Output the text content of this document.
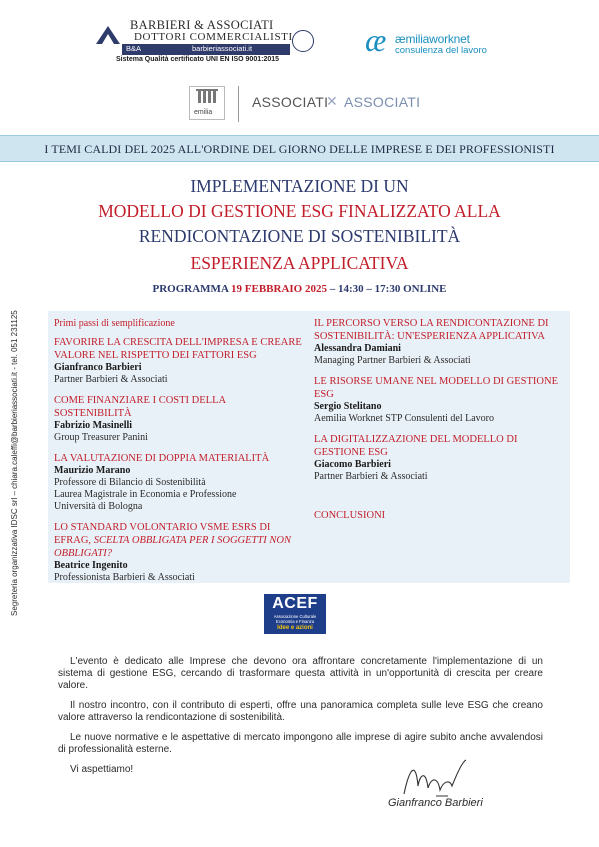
BARBIERI & ASSOCIATI
DOTTORI COMMERCIALISTI
B&A	barbieriassociati.it
Sistema Qualità certificato UNI EN ISO 9001:2015
æ æmiliaworknet
consulenza del lavoro
emilia
ASSOCIATI
✕ ASSOCIATI
I TEMI CALDI DEL 2025 ALL'ORDINE DEL GIORNO DELLE IMPRESE E DEI PROFESSIONISTI
IMPLEMENTAZIONE DI UN
MODELLO DI GESTIONE ESG FINALIZZATO ALLA
RENDICONTAZIONE DI SOSTENIBILITÀ
ESPERIENZA APPLICATIVA
PROGRAMMA 19 FEBBRAIO 2025 – 14:30 – 17:30 ONLINE
Primi passi di semplificazione
FAVORIRE LA CRESCITA DELL'IMPRESA E CREARE VALORE NEL RISPETTO DEI FATTORI ESG
Gianfranco Barbieri
Partner Barbieri & Associati
COME FINANZIARE I COSTI DELLA SOSTENIBILITÀ
Fabrizio Masinelli
Group Treasurer Panini
LA VALUTAZIONE DI DOPPIA MATERIALITÀ
Maurizio Marano
Professore di Bilancio di Sostenibilità
Laurea Magistrale in Economia e Professione
Università di Bologna
LO STANDARD VOLONTARIO VSME ESRS DI EFRAG, SCELTA OBBLIGATA PER I SOGGETTI NON OBBLIGATI?
Beatrice Ingenito
Professionista Barbieri & Associati
IL PERCORSO VERSO LA RENDICONTAZIONE DI SOSTENIBILITÀ: UN'ESPERIENZA APPLICATIVA
Alessandra Damiani
Managing Partner Barbieri & Associati
LE RISORSE UMANE NEL MODELLO DI GESTIONE ESG
Sergio Stelitano
Aemilia Worknet STP Consulenti del Lavoro
LA DIGITALIZZAZIONE DEL MODELLO DI GESTIONE ESG
Giacomo Barbieri
Partner Barbieri & Associati
CONCLUSIONI
ACEF
Associazione Culturale Economia e Finanza
Idee e azioni

L'evento è dedicato alle Imprese che devono ora affrontare concretamente l'implementazione di un sistema di gestione ESG, cercando di trasformare questa attività in un'opportunità di crescita per creare valore.

Il nostro incontro, con il contributo di esperti, offre una panoramica completa sulle leve ESG che creano valore attraverso la rendicontazione di sostenibilità.

Le nuove normative e le aspettative di mercato impongono alle imprese di agire subito anche avvalendosi di professionalità esterne.

Vi aspettiamo!

Gianfranco Barbieri
Segreteria organizzativa IDSC srl – chiara.caleffi@barbieriassociati.it - tel. 051 231125
